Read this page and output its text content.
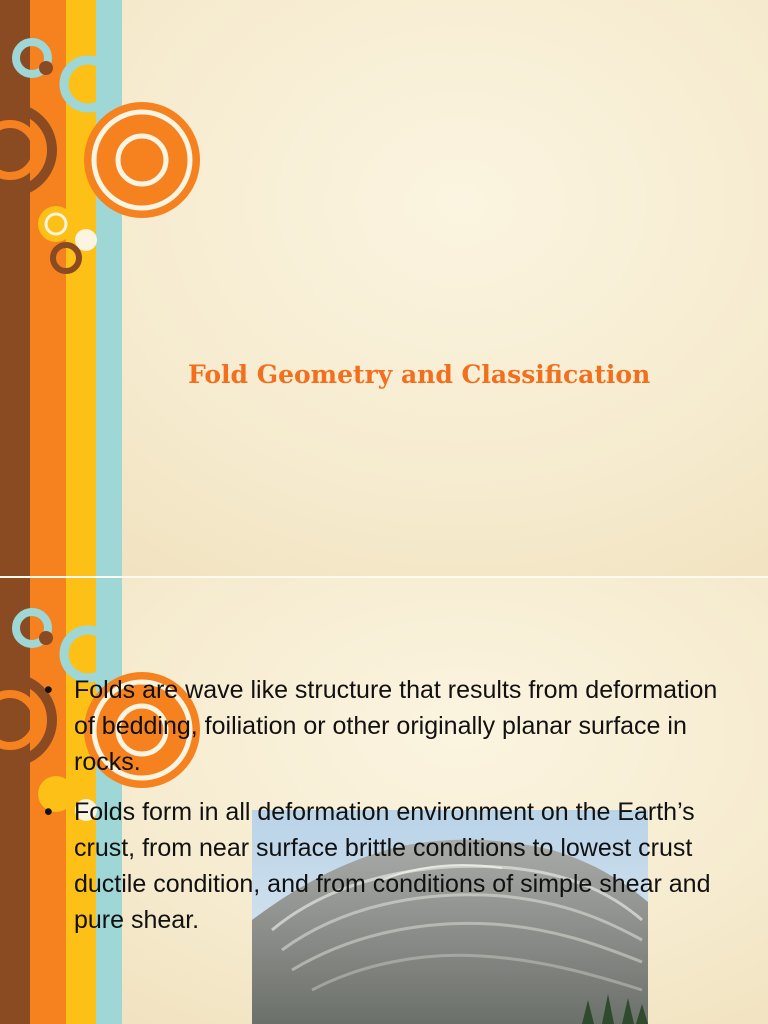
Fold Geometry and Classification
• Folds are wave like structure that results from deformation of bedding, foiliation or other originally planar surface in rocks.
• Folds form in all deformation environment on the Earth’s crust, from near surface brittle conditions to lowest crust ductile condition, and from conditions of simple shear and pure shear.
